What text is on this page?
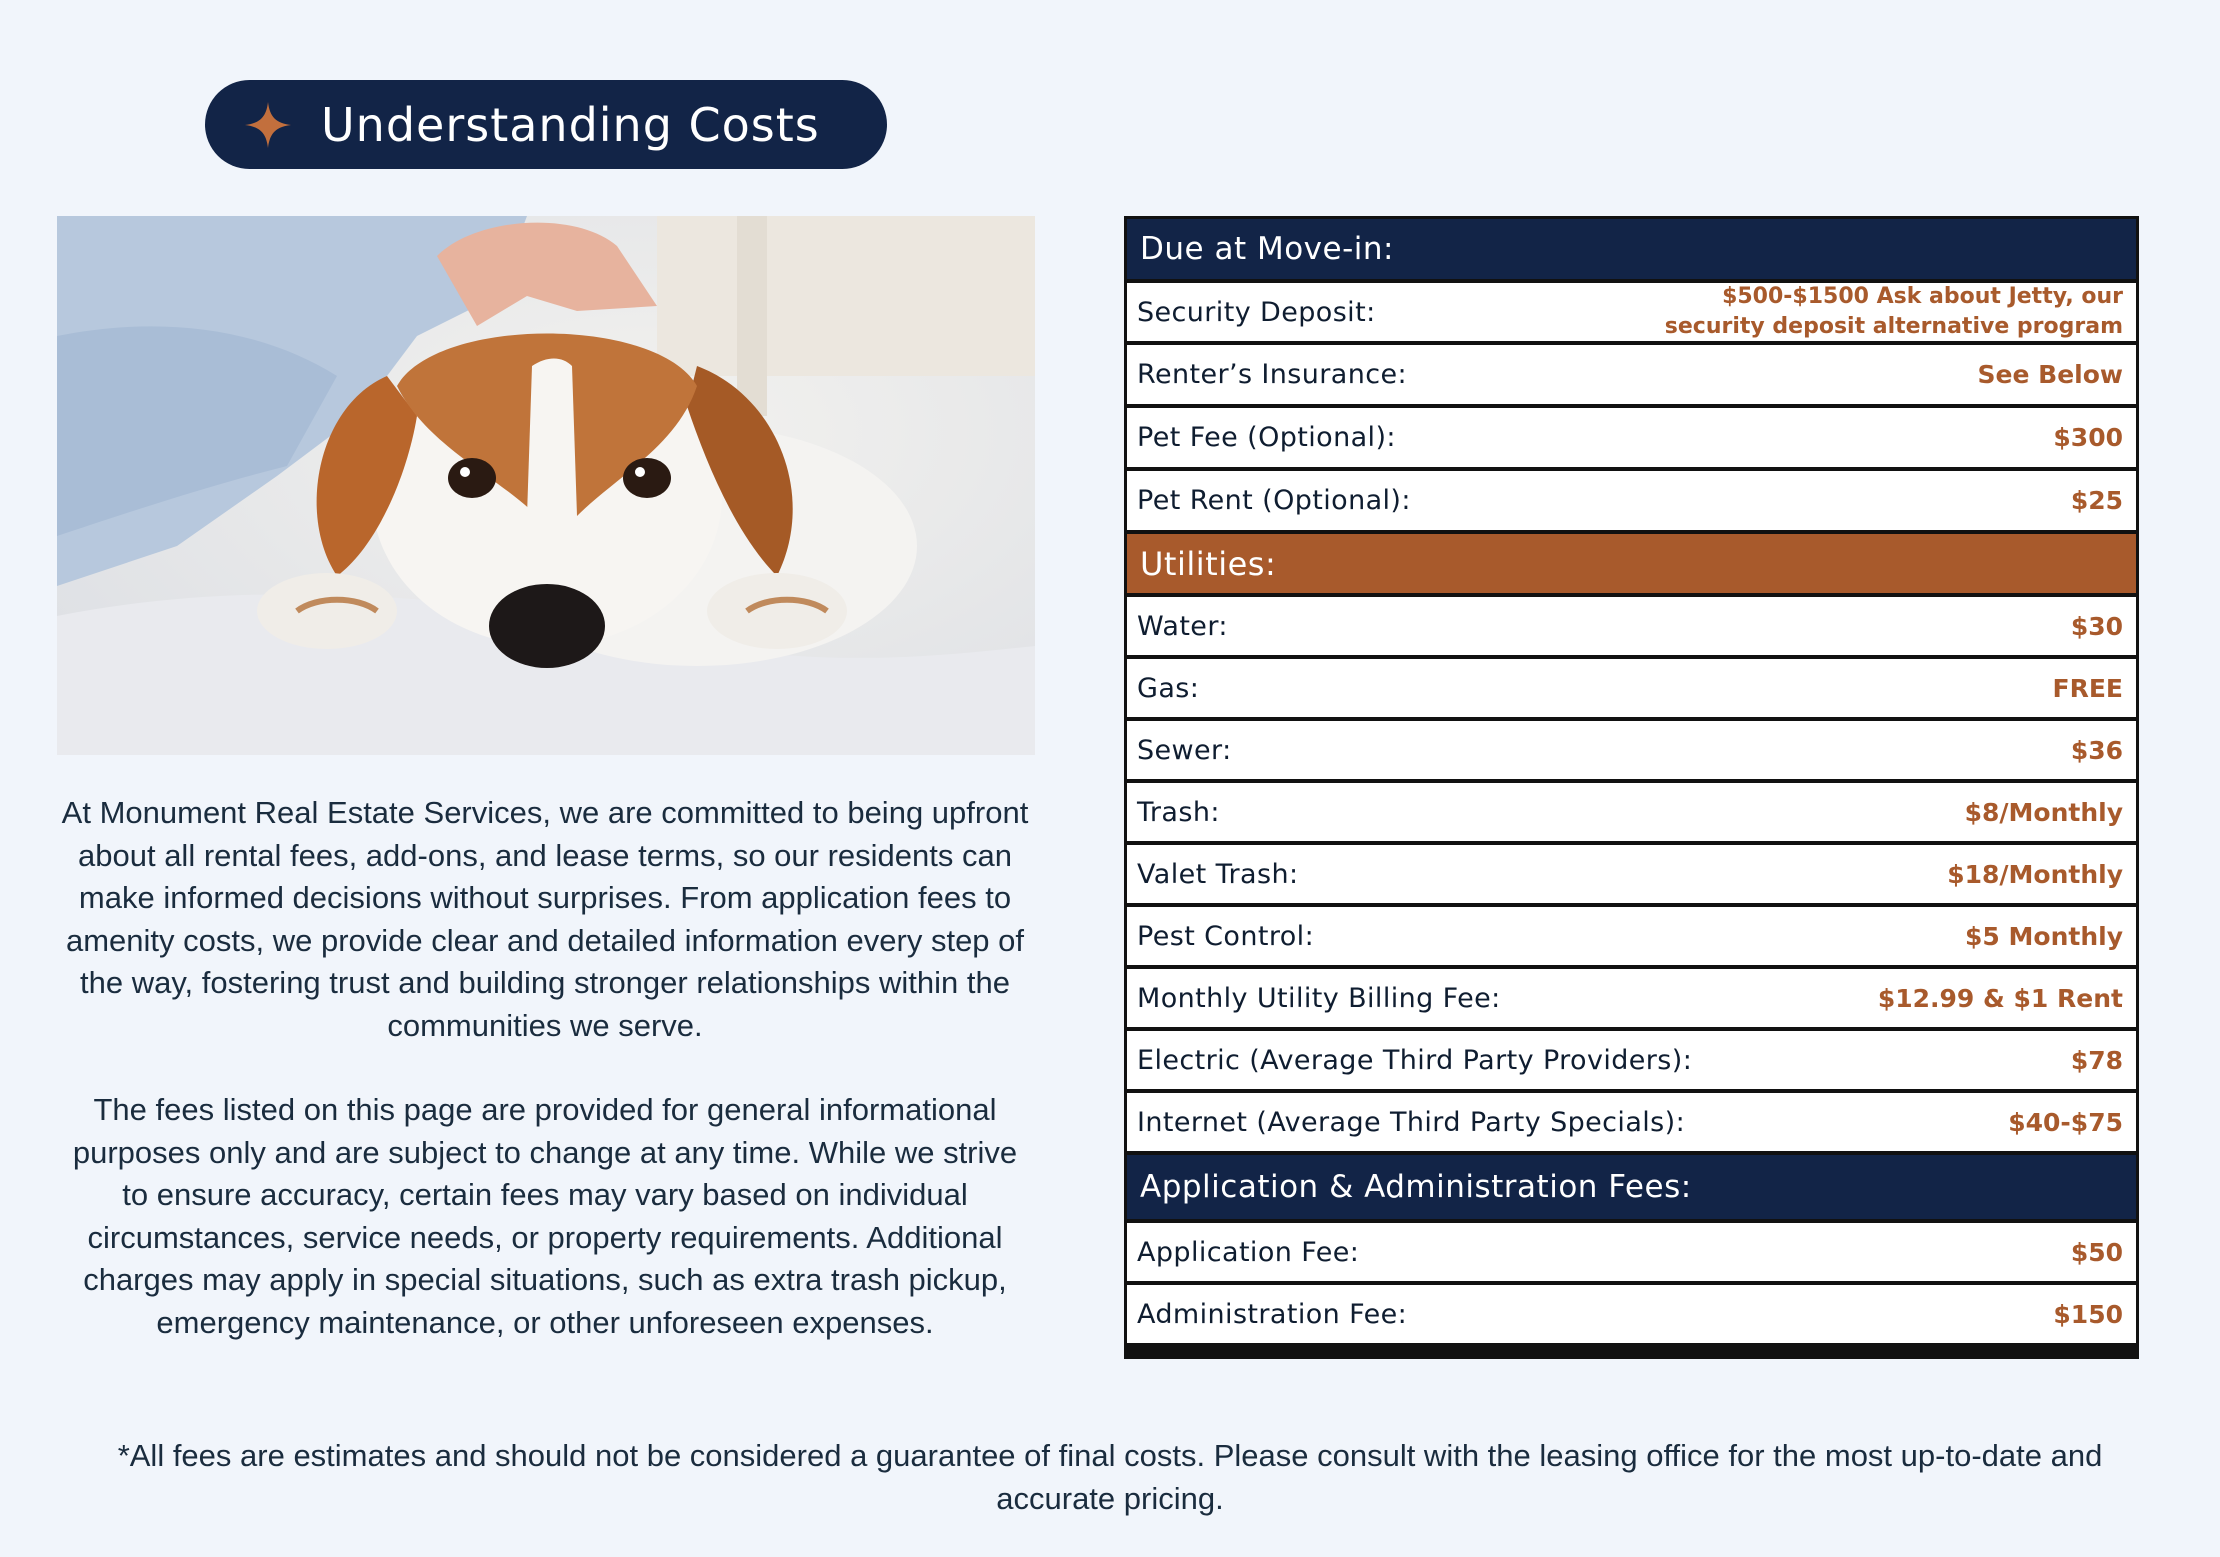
Understanding Costs

At Monument Real Estate Services, we are committed to being upfront about all rental fees, add-ons, and lease terms, so our residents can make informed decisions without surprises. From application fees to amenity costs, we provide clear and detailed information every step of the way, fostering trust and building stronger relationships within the communities we serve.

The fees listed on this page are provided for general informational purposes only and are subject to change at any time. While we strive to ensure accuracy, certain fees may vary based on individual circumstances, service needs, or property requirements. Additional charges may apply in special situations, such as extra trash pickup, emergency maintenance, or other unforeseen expenses.

Due at Move-in:
Security Deposit:	$500-$1500 Ask about Jetty, our security deposit alternative program
Renter’s Insurance:	See Below
Pet Fee (Optional):	$300
Pet Rent (Optional):	$25
Utilities:
Water:	$30
Gas:	FREE
Sewer:	$36
Trash:	$8/Monthly
Valet Trash:	$18/Monthly
Pest Control:	$5 Monthly
Monthly Utility Billing Fee:	$12.99 & $1 Rent
Electric (Average Third Party Providers):	$78
Internet (Average Third Party Specials):	$40-$75
Application & Administration Fees:
Application Fee:	$50
Administration Fee:	$150
*All fees are estimates and should not be considered a guarantee of final costs. Please consult with the leasing office for the most up-to-date and accurate pricing.
